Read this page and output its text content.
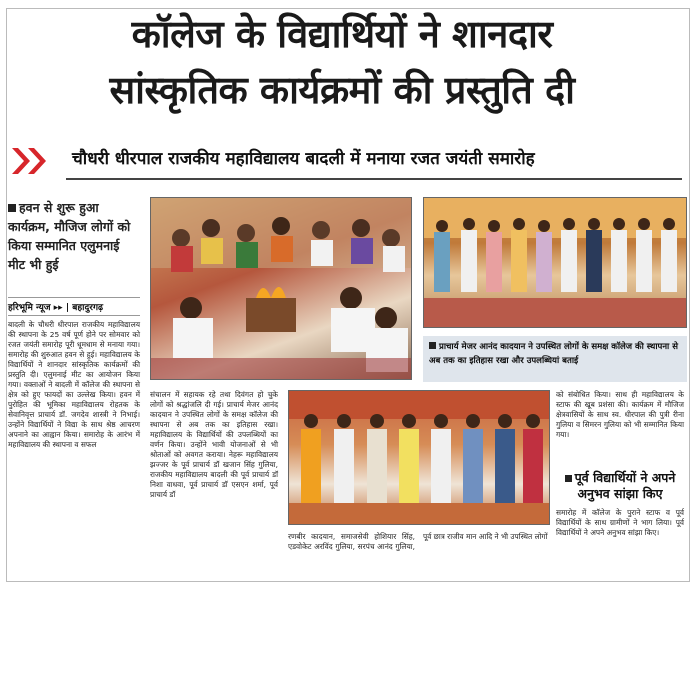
कॉलेज के विद्यार्थियों ने शानदार
सांस्कृतिक कार्यक्रमों की प्रस्तुति दी
चौधरी धीरपाल राजकीय महाविद्यालय बादली में मनाया रजत जयंती समारोह
हवन से शुरू हुआ कार्यक्रम, मौजिज लोगों को किया सम्मानित एलुमनाई मीट भी हुई
हरिभूमि न्यूज ▸▸ | बहादुरगढ़
बादली के चौधरी धीरपाल राजकीय महाविद्यालय की स्थापना के 25 वर्ष पूर्ण होने पर सोमवार को रजत जयंती समारोह पूरी धूमधाम से मनाया गया। समारोह की शुरुआत हवन से हुई। महाविद्यालय के विद्यार्थियों ने शानदार सांस्कृतिक कार्यक्रमों की प्रस्तुति दी। एलुमनाई मीट का आयोजन किया गया। वक्ताओं ने बादली में कॉलेज की स्थापना से क्षेत्र को हुए फायदों का उल्लेख किया। हवन में पुरोहित की भूमिका महाविद्यालय रोहतक के सेवानिवृत्त प्राचार्य डॉ. जगदेव शास्त्री ने निभाई। उन्होंने विद्यार्थियों ने विद्या के साथ श्रेष्ठ आचरण अपनाने का आह्वान किया। समारोह के आरंभ में महाविद्यालय की स्थापना व सफल
प्राचार्य मेजर आनंद कादयान ने उपस्थित लोगों के समक्ष कॉलेज की स्थापना से अब तक का इतिहास रखा और उपलब्धियां बताई
संचालन में सहायक रहे तथा दिवंगत हो चुके लोगों को श्रद्धांजलि दी गई। प्राचार्य मेजर आनंद कादयान ने उपस्थित लोगों के समक्ष कॉलेज की स्थापना से अब तक का इतिहास रखा। महाविद्यालय के विद्यार्थियों की उपलब्धियों का वर्णन किया। उन्होंने भावी योजनाओं से भी श्रोताओं को अवगत कराया। नेहरू महाविद्यालय झज्जर के पूर्व प्राचार्य डॉ खजान सिंह गुलिया, राजकीय महाविद्यालय बादली की पूर्व प्राचार्य डॉ निशा वाधवा, पूर्व प्राचार्य डॉ एसएन शर्मा, पूर्व प्राचार्य डॉ
रणबीर कादयान, समाजसेवी होशियार सिंह, एडवोकेट अरविंद गुलिया, सरपंच आनंद गुलिया, पूर्व छात्र राजीव मान आदि ने भी उपस्थित लोगों
को संबोधित किया। साथ ही महाविद्यालय के स्टाफ की खूब प्रशंसा की। कार्यक्रम में मौजिज क्षेत्रवासियों के साथ स्व. धीरपाल की पुत्री रीना गुलिया व सिमरन गुलिया को भी सम्मानित किया गया।
पूर्व विद्यार्थियों ने अपने अनुभव सांझा किए
समारोह में कॉलेज के पुराने स्टाफ व पूर्व विद्यार्थियों के साथ ग्रामीणों ने भाग लिया। पूर्व विद्यार्थियों ने अपने अनुभव सांझा किए।
